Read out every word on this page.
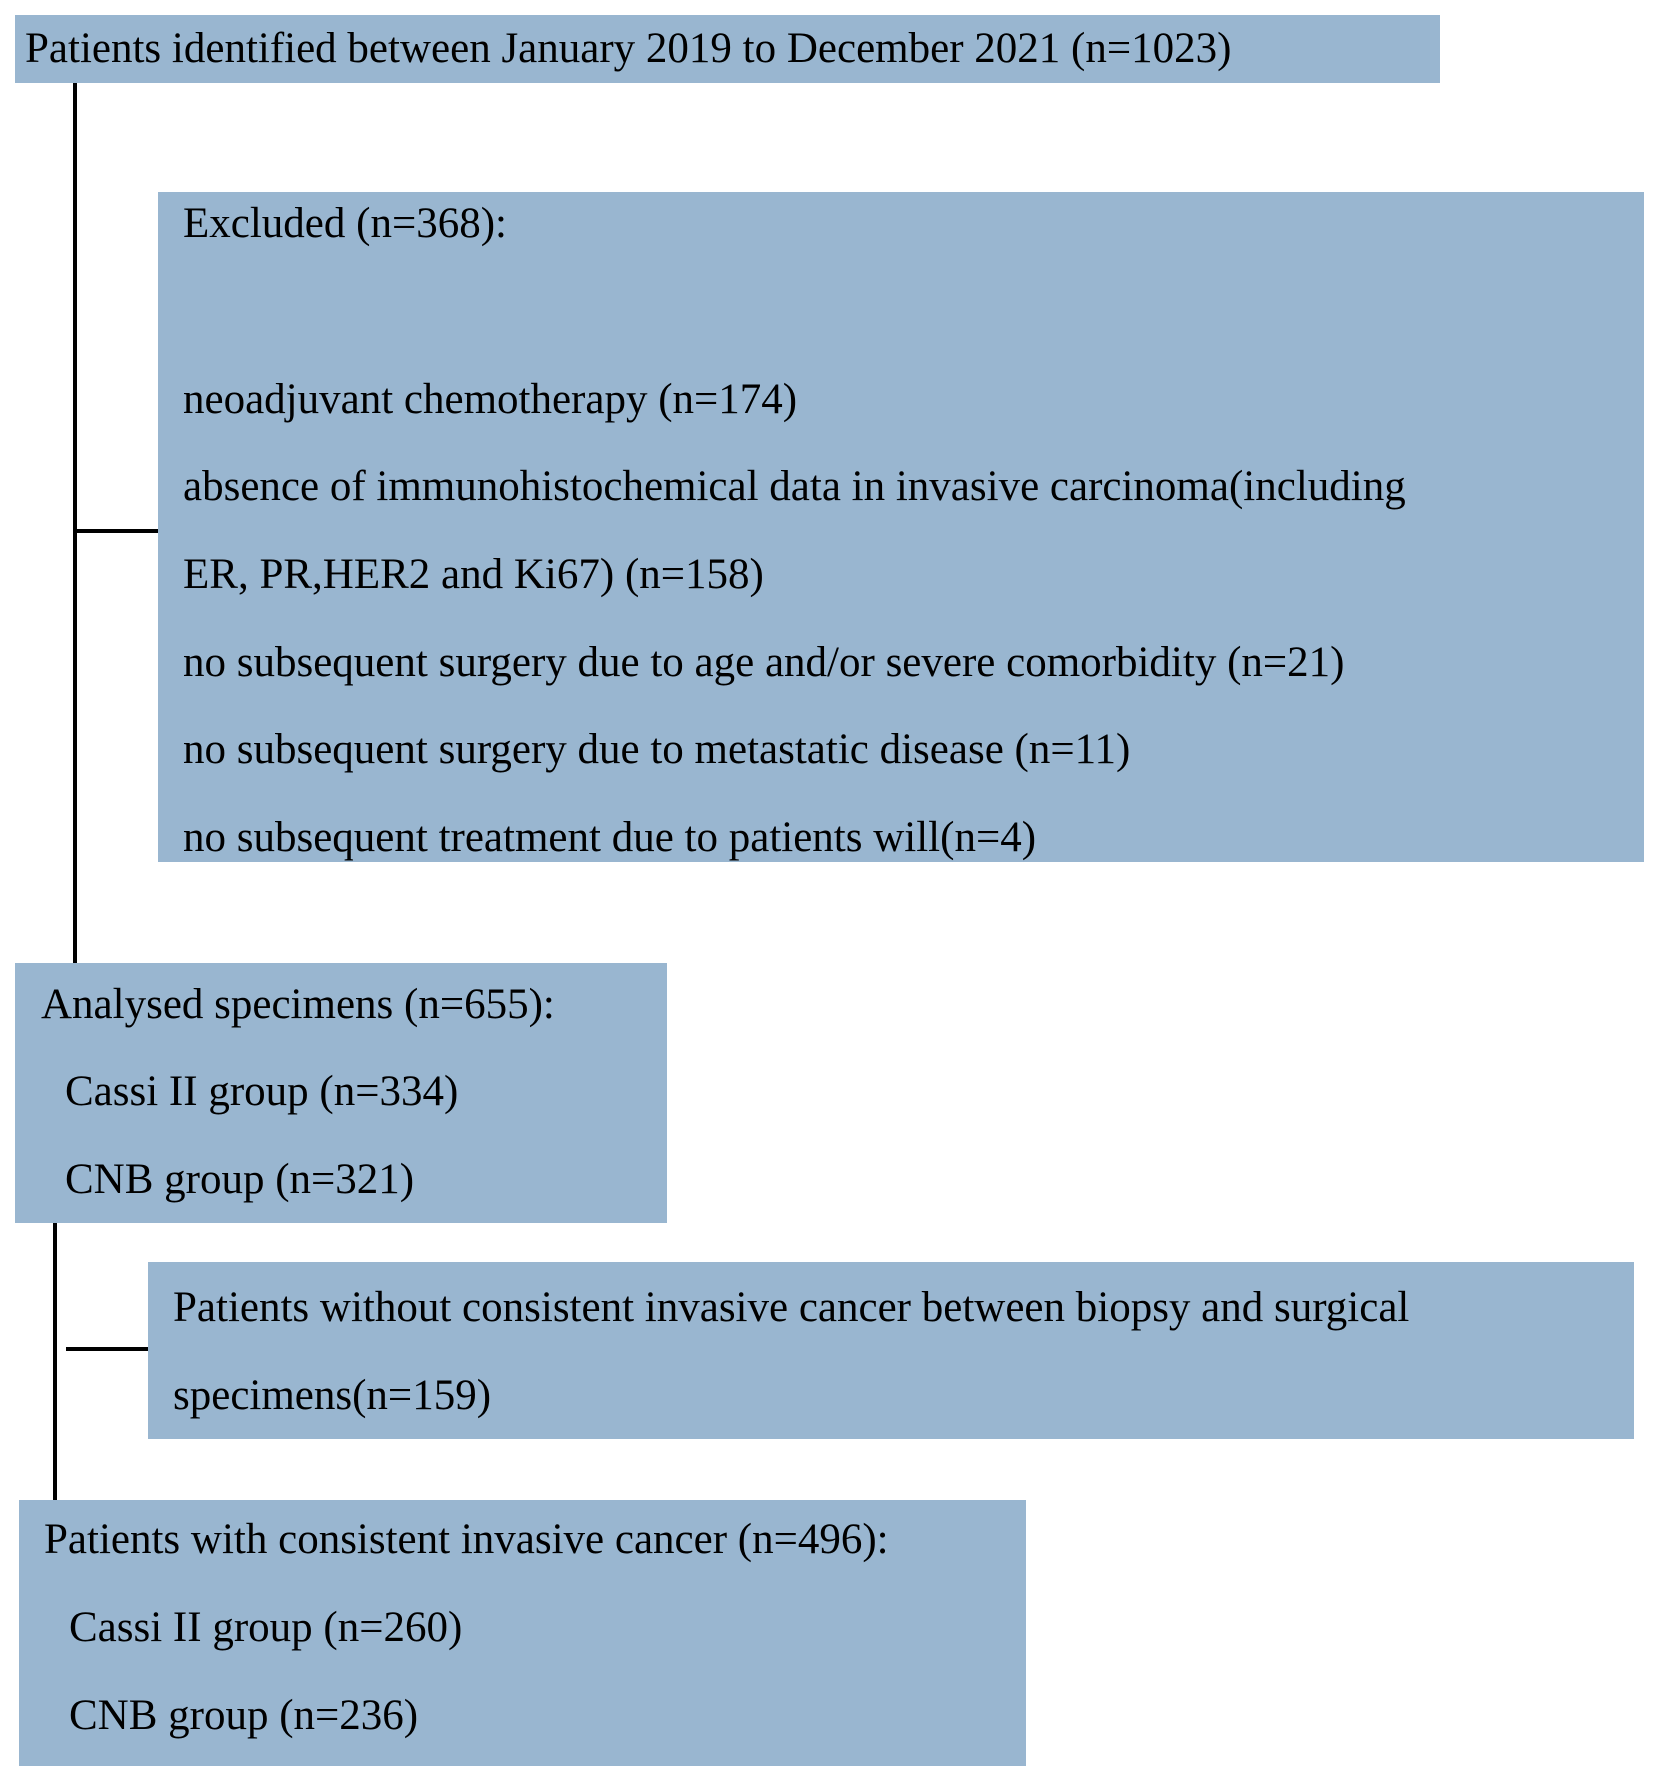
Patients identified between January 2019 to December 2021 (n=1023)
Excluded (n=368):
neoadjuvant chemotherapy (n=174)
absence of immunohistochemical data in invasive carcinoma(including
ER, PR,HER2 and Ki67) (n=158)
no subsequent surgery due to age and/or severe comorbidity (n=21)
no subsequent surgery due to metastatic disease (n=11)
no subsequent treatment due to patients will(n=4)
Analysed specimens (n=655):
Cassi II group (n=334)
CNB group (n=321)
Patients without consistent invasive cancer between biopsy and surgical
specimens(n=159)
Patients with consistent invasive cancer (n=496):
Cassi II group (n=260)
CNB group (n=236)
